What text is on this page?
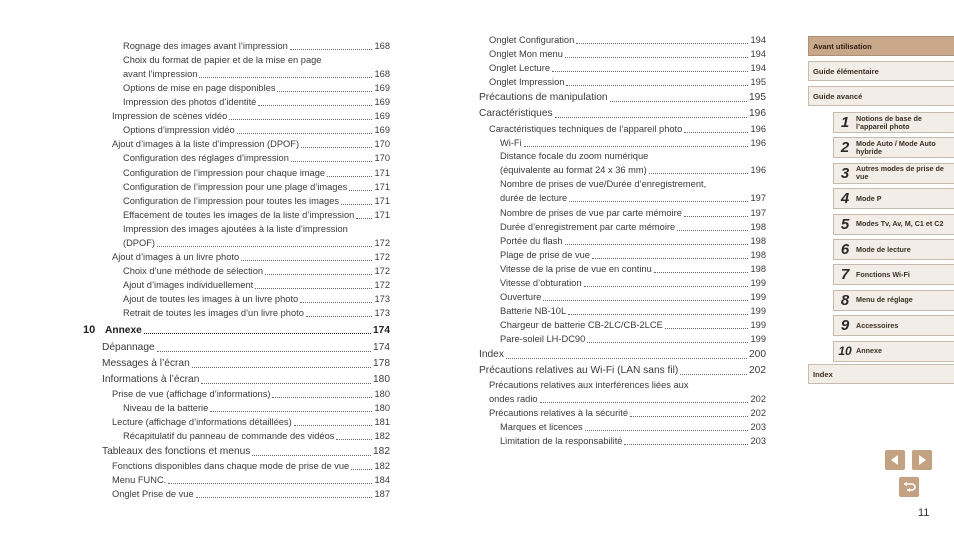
Rognage des images avant l’impression	168
Choix du format de papier et de la mise en page
avant l’impression	168
Options de mise en page disponibles	169
Impression des photos d’identité	169
Impression de scènes vidéo	169
Options d’impression vidéo	169
Ajout d’images à la liste d’impression (DPOF)	170
Configuration des réglages d’impression	170
Configuration de l’impression pour chaque image	171
Configuration de l’impression pour une plage d’images	171
Configuration de l’impression pour toutes les images	171
Effacement de toutes les images de la liste d’impression 171
Impression des images ajoutées à la liste d’impression
(DPOF)	172
Ajout d’images à un livre photo	172
Choix d’une méthode de sélection	172
Ajout d’images individuellement	172
Ajout de toutes les images à un livre photo	173
Retrait de toutes les images d’un livre photo	173
10 Annexe	174
Dépannage	174
Messages à l’écran	178
Informations à l’écran	180
Prise de vue (affichage d’informations)	180
Niveau de la batterie	180
Lecture (affichage d’informations détaillées)	181
Récapitulatif du panneau de commande des vidéos	182
Tableaux des fonctions et menus	182
Fonctions disponibles dans chaque mode de prise de vue	182
Menu FUNC.	184
Onglet Prise de vue	187
Onglet Configuration	194
Onglet Mon menu	194
Onglet Lecture	194
Onglet Impression	195
Précautions de manipulation	195
Caractéristiques	196
Caractéristiques techniques de l’appareil photo	196
Wi-Fi	196
Distance focale du zoom numérique
(équivalente au format 24 x 36 mm)	196
Nombre de prises de vue/Durée d’enregistrement,
durée de lecture	197
Nombre de prises de vue par carte mémoire	197
Durée d’enregistrement par carte mémoire	198
Portée du flash	198
Plage de prise de vue	198
Vitesse de la prise de vue en continu	198
Vitesse d’obturation	199
Ouverture	199
Batterie NB-10L	199
Chargeur de batterie CB-2LC/CB-2LCE	199
Pare-soleil LH-DC90	199
Index	200
Précautions relatives au Wi-Fi (LAN sans fil)	202
Précautions relatives aux interférences liées aux
ondes radio	202
Précautions relatives à la sécurité	202
Marques et licences	203
Limitation de la responsabilité	203
Avant utilisation
Guide élémentaire
Guide avancé
1 Notions de base de l’appareil photo
2 Mode Auto / Mode Auto hybride
3 Autres modes de prise de vue
4 Mode P
5 Modes Tv, Av, M, C1 et C2
6 Mode de lecture
7 Fonctions Wi-Fi
8 Menu de réglage
9 Accessoires
10 Annexe
Index
11
